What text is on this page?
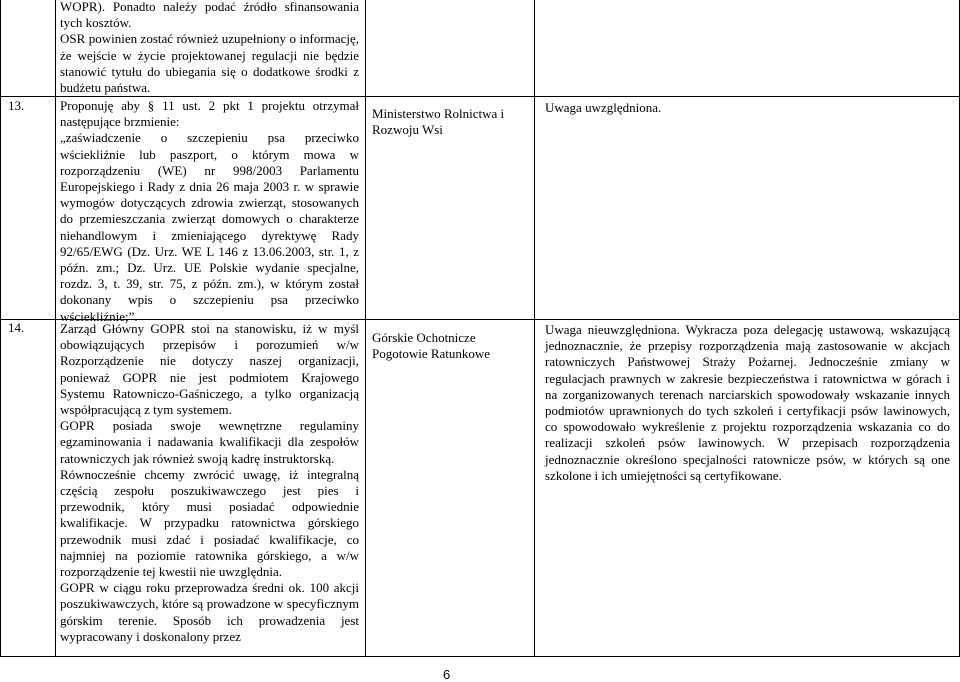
WOPR). Ponadto należy podać źródło sfinansowania tych kosztów.

OSR powinien zostać również uzupełniony o informację, że wejście w życie projektowanej regulacji nie będzie stanowić tytułu do ubiegania się o dodatkowe środki z budżetu państwa.

13.	Proponuję aby § 11 ust. 2 pkt 1 projektu otrzymał następujące brzmienie:

„zaświadczenie o szczepieniu psa przeciwko wściekliźnie lub paszport, o którym mowa w rozporządzeniu (WE) nr 998/2003 Parlamentu Europejskiego i Rady z dnia 26 maja 2003 r. w sprawie wymogów dotyczących zdrowia zwierząt, stosowanych do przemieszczania zwierząt domowych o charakterze niehandlowym i zmieniającego dyrektywę Rady 92/65/EWG (Dz. Urz. WE L 146 z 13.06.2003, str. 1, z późn. zm.; Dz. Urz. UE Polskie wydanie specjalne, rozdz. 3, t. 39, str. 75, z późn. zm.), w którym został dokonany wpis o szczepieniu psa przeciwko wściekliźnie;”.

Ministerstwo Rolnictwa i Rozwoju Wsi
Uwaga uwzględniona.
14.	Zarząd Główny GOPR stoi na stanowisku, iż w myśl obowiązujących przepisów i porozumień w/w Rozporządzenie nie dotyczy naszej organizacji, ponieważ GOPR nie jest podmiotem Krajowego Systemu Ratowniczo-Gaśniczego, a tylko organizacją współpracującą z tym systemem.

GOPR posiada swoje wewnętrzne regulaminy egzaminowania i nadawania kwalifikacji dla zespołów ratowniczych jak również swoją kadrę instruktorską.

Równocześnie chcemy zwrócić uwagę, iż integralną częścią zespołu poszukiwawczego jest pies i przewodnik, który musi posiadać odpowiednie kwalifikacje. W przypadku ratownictwa górskiego przewodnik musi zdać i posiadać kwalifikacje, co najmniej na poziomie ratownika górskiego, a w/w rozporządzenie tej kwestii nie uwzględnia.

GOPR w ciągu roku przeprowadza średni ok. 100 akcji poszukiwawczych, które są prowadzone w specyficznym górskim terenie. Sposób ich prowadzenia jest wypracowany i doskonalony przez

Górskie Ochotnicze Pogotowie Ratunkowe
Uwaga nieuwzględniona. Wykracza poza delegację ustawową, wskazującą jednoznacznie, że przepisy rozporządzenia mają zastosowanie w akcjach ratowniczych Państwowej Straży Pożarnej. Jednocześnie zmiany w regulacjach prawnych w zakresie bezpieczeństwa i ratownictwa w górach i na zorganizowanych terenach narciarskich spowodowały wskazanie innych podmiotów uprawnionych do tych szkoleń i certyfikacji psów lawinowych, co spowodowało wykreślenie z projektu rozporządzenia wskazania co do realizacji szkoleń psów lawinowych. W przepisach rozporządzenia jednoznacznie określono specjalności ratownicze psów, w których są one szkolone i ich umiejętności są certyfikowane.
6
